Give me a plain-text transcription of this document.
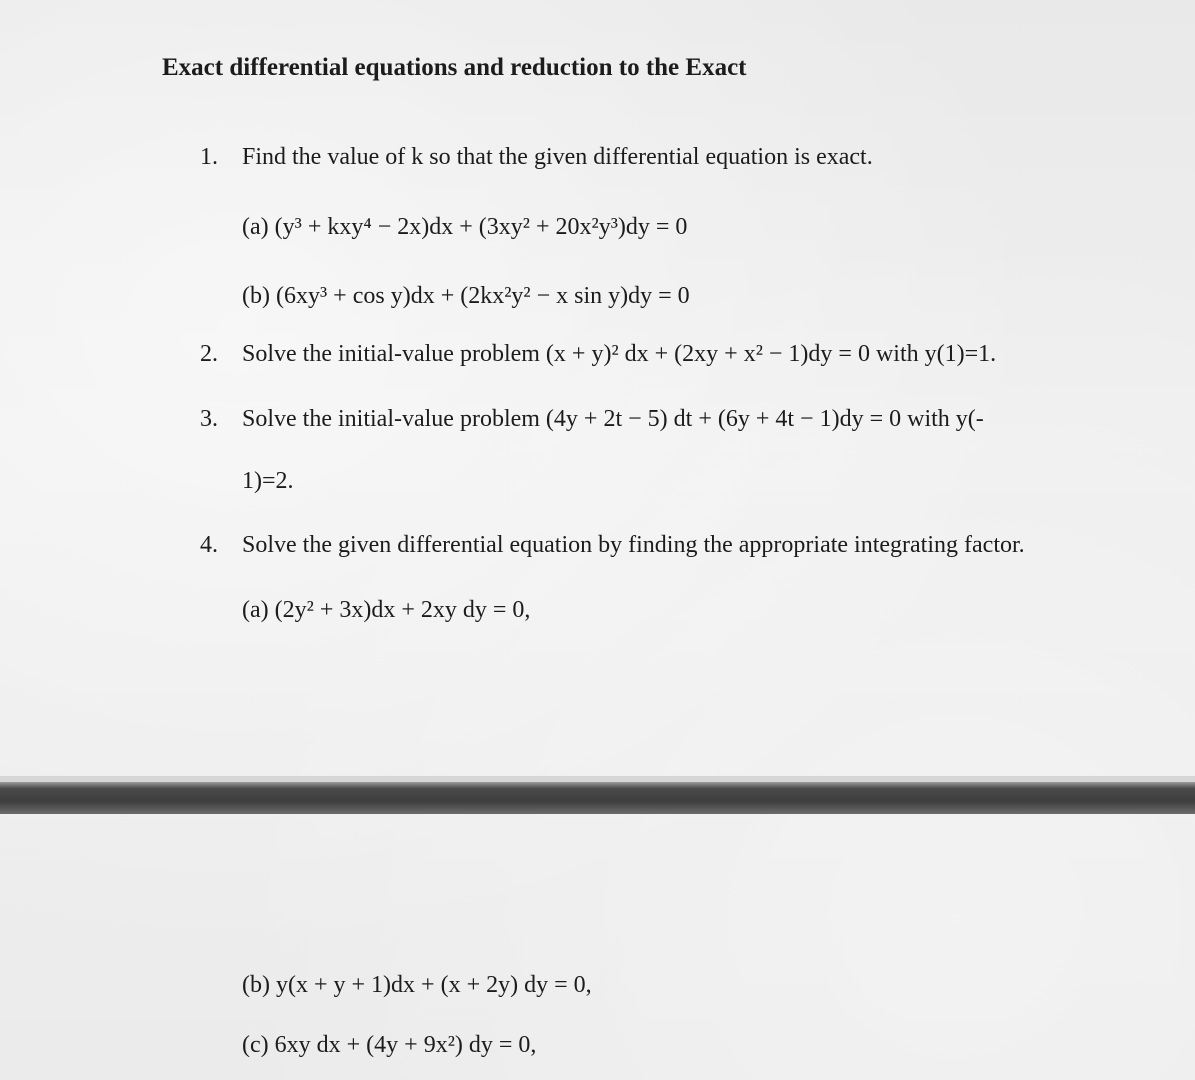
Exact differential equations and reduction to the Exact
1. Find the value of k so that the given differential equation is exact.
(a) (y³ + kxy⁴ − 2x)dx + (3xy² + 20x²y³)dy = 0
(b) (6xy³ + cos y)dx + (2kx²y² − x sin y)dy = 0
2. Solve the initial-value problem (x + y)² dx + (2xy + x² − 1)dy = 0 with y(1)=1.
3. Solve the initial-value problem (4y + 2t − 5) dt + (6y + 4t − 1)dy = 0 with y(-
1)=2.
4. Solve the given differential equation by finding the appropriate integrating factor.
(a) (2y² + 3x)dx + 2xy dy = 0,
(b) y(x + y + 1)dx + (x + 2y) dy = 0,
(c) 6xy dx + (4y + 9x²) dy = 0,
